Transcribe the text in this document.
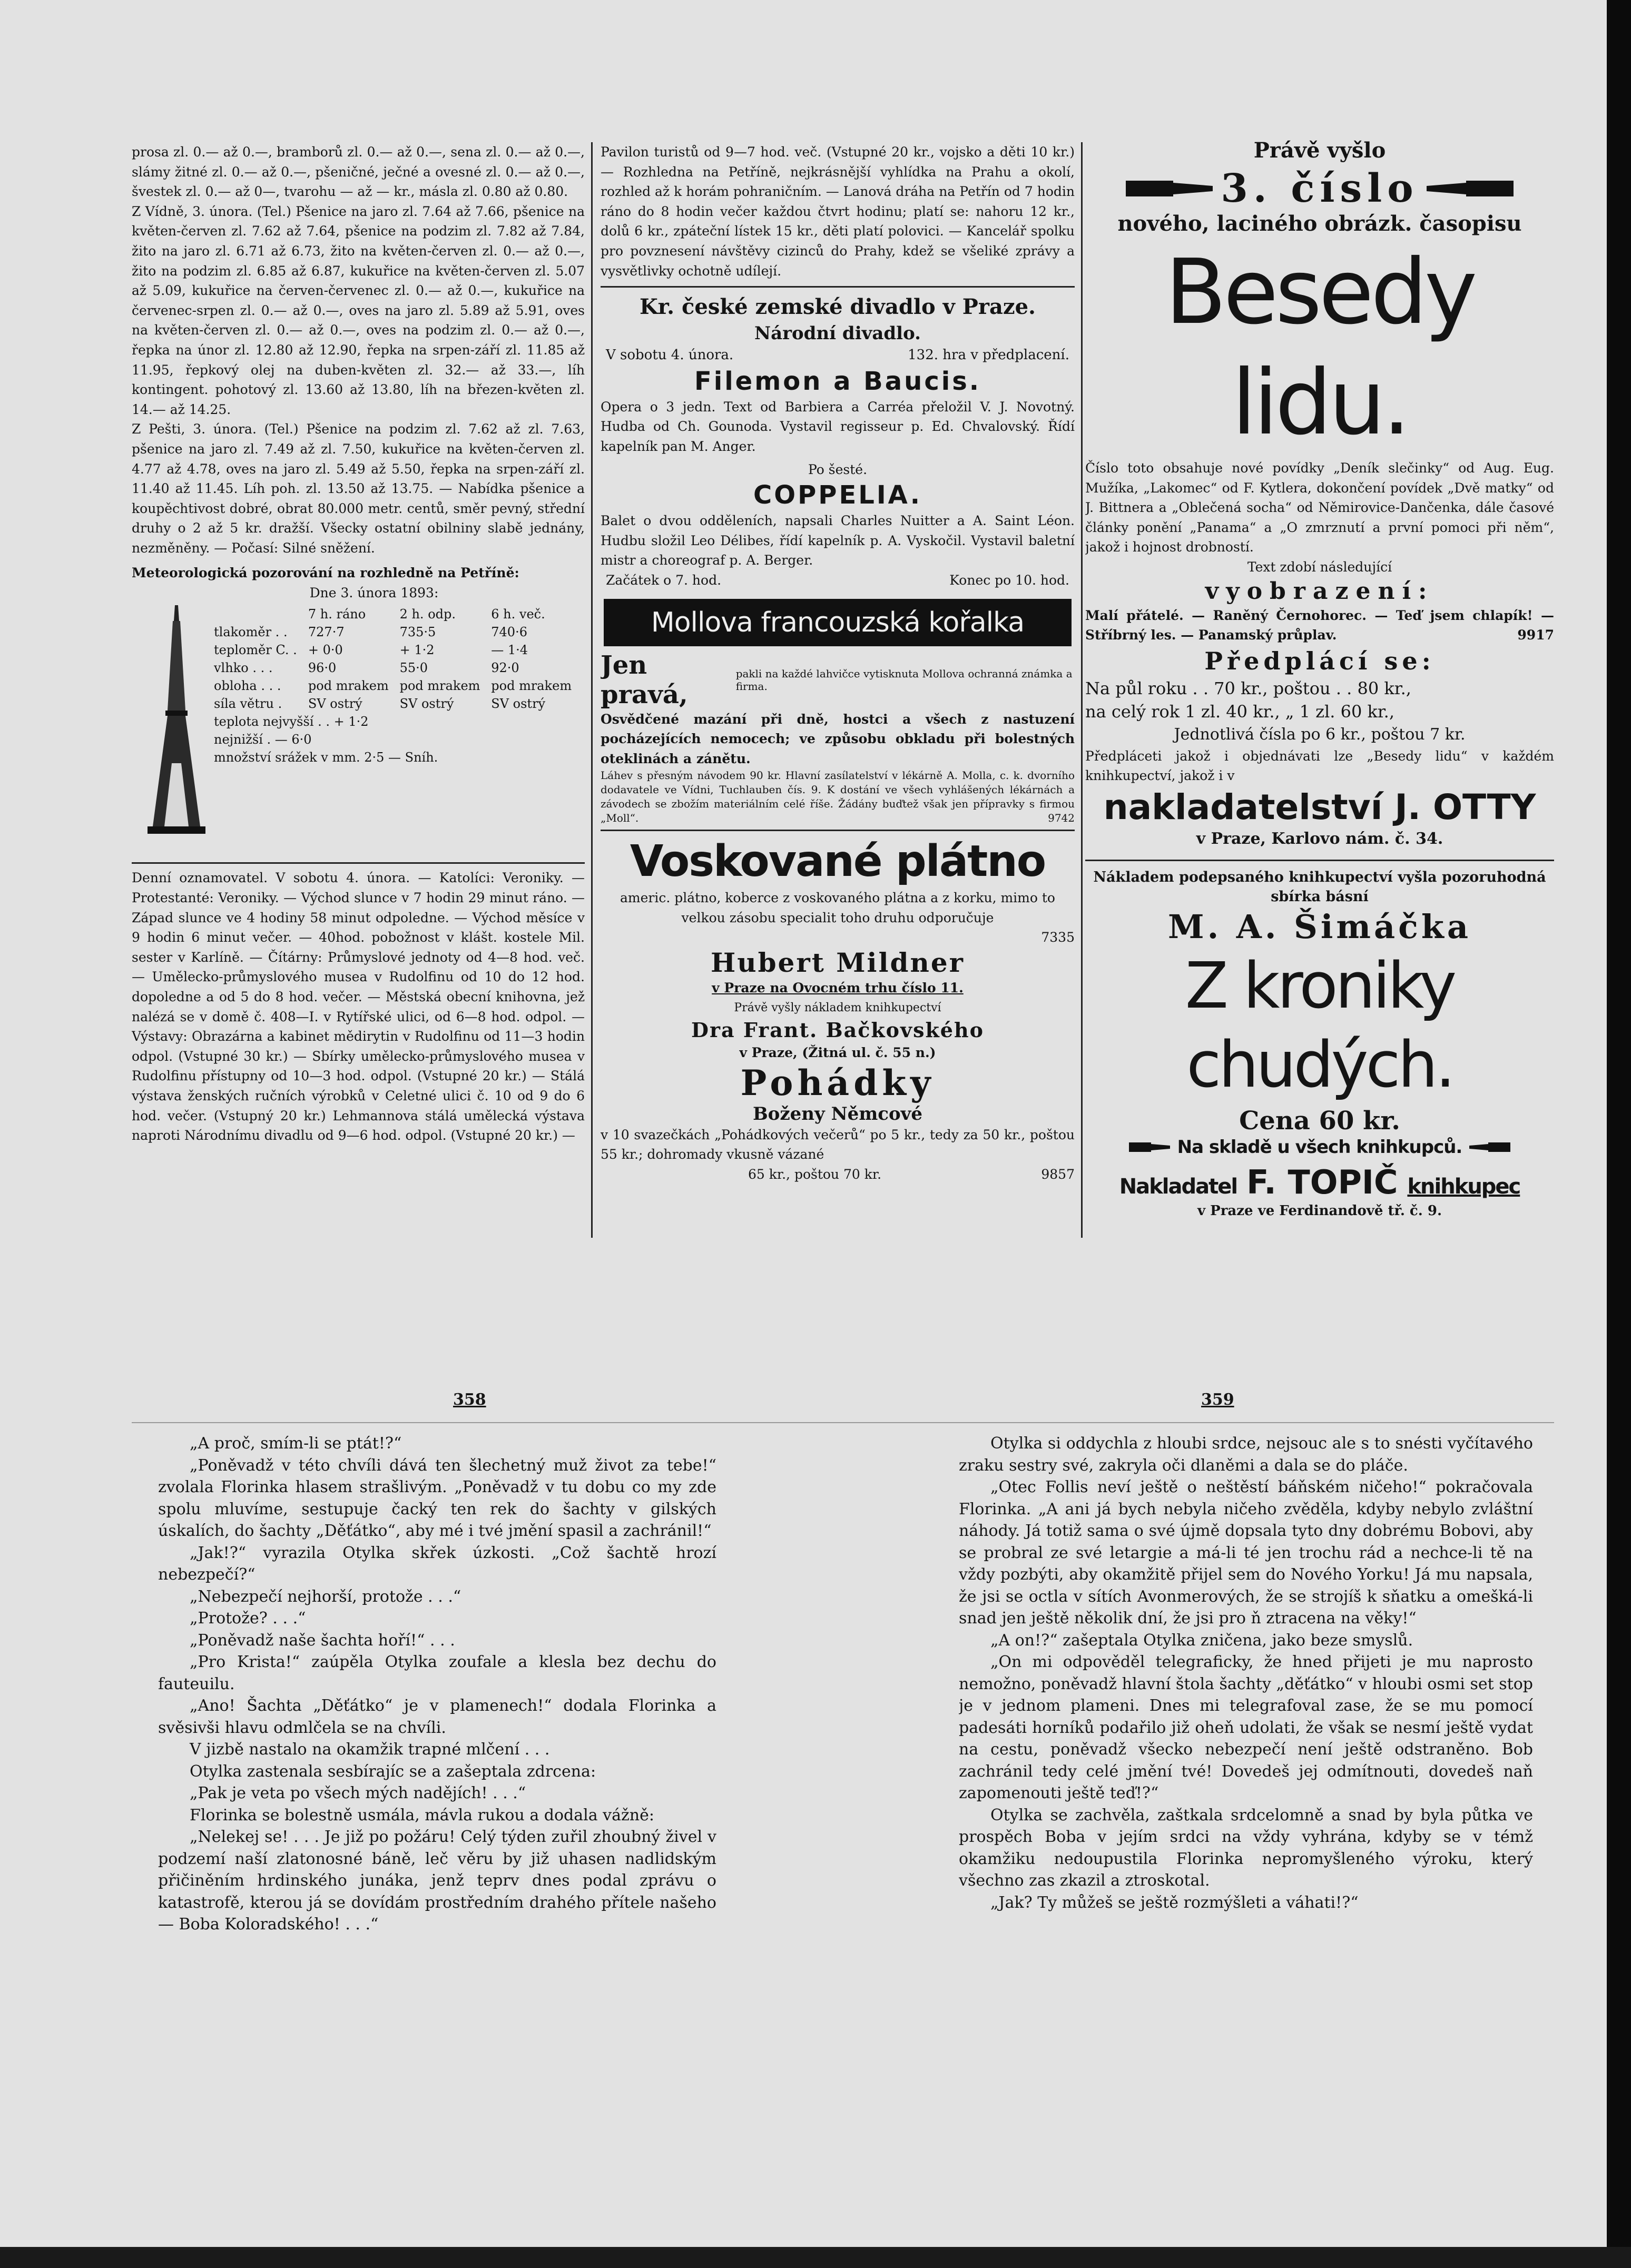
prosa zl. 0.— až 0.—, bramborů zl. 0.— až 0.—, sena zl. 0.— až 0.—, slámy žitné zl. 0.— až 0.—, pšeničné, ječné a ovesné zl. 0.— až 0.—, švestek zl. 0.— až 0—, tvarohu — až — kr., másla zl. 0.80 až 0.80.

Z Vídně, 3. února. (Tel.) Pšenice na jaro zl. 7.64 až 7.66, pšenice na květen-červen zl. 7.62 až 7.64, pšenice na podzim zl. 7.82 až 7.84, žito na jaro zl. 6.71 až 6.73, žito na květen-červen zl. 0.— až 0.—, žito na podzim zl. 6.85 až 6.87, kukuřice na květen-červen zl. 5.07 až 5.09, kukuřice na červen-červenec zl. 0.— až 0.—, kukuřice na červenec-srpen zl. 0.— až 0.—, oves na jaro zl. 5.89 až 5.91, oves na květen-červen zl. 0.— až 0.—, oves na podzim zl. 0.— až 0.—, řepka na únor zl. 12.80 až 12.90, řepka na srpen-září zl. 11.85 až 11.95, řepkový olej na duben-květen zl. 32.— až 33.—, líh kontingent. pohotový zl. 13.60 až 13.80, líh na březen-květen zl. 14.— až 14.25.

Z Pešti, 3. února. (Tel.) Pšenice na podzim zl. 7.62 až zl. 7.63, pšenice na jaro zl. 7.49 až zl. 7.50, kukuřice na květen-červen zl. 4.77 až 4.78, oves na jaro zl. 5.49 až 5.50, řepka na srpen-září zl. 11.40 až 11.45. Líh poh. zl. 13.50 až 13.75. — Nabídka pšenice a koupěchtivost dobré, obrat 80.000 metr. centů, směr pevný, střední druhy o 2 až 5 kr. dražší. Všecky ostatní obilniny slabě jednány, nezměněny. — Počasí: Silné sněžení.

Meteorologická pozorování na rozhledně na Petříně:
Dne 3. února 1893:
	7 h. ráno	2 h. odp.	6 h. več.
tlakoměr . .	727·7	735·5	740·6
teploměr C. .	+ 0·0	+ 1·2	— 1·4
vlhko . . .	96·0	55·0	92·0
obloha . . .	pod mrakem	pod mrakem	pod mrakem
síla větru .	SV ostrý	SV ostrý	SV ostrý
teplota nejvyšší . . + 1·2			
nejnižší . — 6·0			
množství srážek v mm. 2·5 — Sníh.			
Denní oznamovatel. V sobotu 4. února. — Katolíci: Veroniky. — Protestanté: Veroniky. — Východ slunce v 7 hodin 29 minut ráno. — Západ slunce ve 4 hodiny 58 minut odpoledne. — Východ měsíce v 9 hodin 6 minut večer. — 40hod. pobožnost v klášt. kostele Mil. sester v Karlíně. — Čítárny: Průmyslové jednoty od 4—8 hod. več. — Umělecko-průmyslového musea v Rudolfinu od 10 do 12 hod. dopoledne a od 5 do 8 hod. večer. — Městská obecní knihovna, jež nalézá se v domě č. 408—I. v Rytířské ulici, od 6—8 hod. odpol. — Výstavy: Obrazárna a kabinet mědirytin v Rudolfinu od 11—3 hodin odpol. (Vstupné 30 kr.) — Sbírky umělecko-průmyslového musea v Rudolfinu přístupny od 10—3 hod. odpol. (Vstupné 20 kr.) — Stálá výstava ženských ručních výrobků v Celetné ulici č. 10 od 9 do 6 hod. večer. (Vstupný 20 kr.) Lehmannova stálá umělecká výstava naproti Národnímu divadlu od 9—6 hod. odpol. (Vstupné 20 kr.) —
Pavilon turistů od 9—7 hod. več. (Vstupné 20 kr., vojsko a děti 10 kr.) — Rozhledna na Petříně, nejkrásnější vyhlídka na Prahu a okolí, rozhled až k horám pohraničním. — Lanová dráha na Petřín od 7 hodin ráno do 8 hodin večer každou čtvrt hodinu; platí se: nahoru 12 kr., dolů 6 kr., zpáteční lístek 15 kr., děti platí polovici. — Kancelář spolku pro povznesení návštěvy cizinců do Prahy, kdež se všeliké zprávy a vysvětlivky ochotně udílejí.
Kr. české zemské divadlo v Praze.
Národní divadlo.
V sobotu 4. února.	132. hra v předplacení.
Filemon a Baucis.
Opera o 3 jedn. Text od Barbiera a Carréa přeložil V. J. Novotný. Hudba od Ch. Gounoda. Vystavil regisseur p. Ed. Chvalovský. Řídí kapelník pan M. Anger.
Po šesté.
COPPELIA.
Balet o dvou odděleních, napsali Charles Nuitter a A. Saint Léon. Hudbu složil Leo Délibes, řídí kapelník p. A. Vyskočil. Vystavil baletní mistr a choreograf p. A. Berger.
Začátek o 7. hod.	Konec po 10. hod.
Mollova francouzská kořalka
Jen pravá,
pakli na každé lahvičce vytisknuta Mollova ochranná známka a firma.
Osvědčené mazání při dně, hostci a všech z nastuzení pocházejících nemocech; ve způsobu obkladu při bolestných oteklinách a zánětu.
Láhev s přesným návodem 90 kr. Hlavní zasílatelství v lékárně A. Molla, c. k. dvorního dodavatele ve Vídni, Tuchlauben čís. 9. K dostání ve všech vyhlášených lékárnách a závodech se zbožím materiálním celé říše. Žádány buďtež však jen přípravky s firmou „Moll“.	9742
Voskované plátno
americ. plátno, koberce z voskovaného plátna a z korku, mimo to velkou zásobu specialit toho druhu odporučuje
7335
Hubert Mildner
v Praze na Ovocném trhu číslo 11.
Právě vyšly nákladem knihkupectví
Dra Frant. Bačkovského
v Praze, (Žitná ul. č. 55 n.)
Pohádky
Boženy Němcové
v 10 svazečkách „Pohádkových večerů“ po 5 kr., tedy za 50 kr., poštou 55 kr.; dohromady vkusně vázané
65 kr., poštou 70 kr.	9857
Právě vyšlo
3. číslo
nového, laciného obrázk. časopisu
Besedy lidu.
Číslo toto obsahuje nové povídky „Deník slečinky“ od Aug. Eug. Mužíka, „Lakomec“ od F. Kytlera, dokončení povídek „Dvě matky“ od J. Bittnera a „Oblečená socha“ od Němirovice-Dančenka, dále časové články ponění „Panama“ a „O zmrznutí a první pomoci při něm“, jakož i hojnost drobností.
Text zdobí následující
vyobrazení:
Malí přátelé. — Raněný Černohorec. — Teď jsem chlapík! — Stříbrný les. — Panamský průplav.	9917
Předplácí se:
Na půl roku . . 70 kr., poštou . . 80 kr.,
na celý rok 1 zl. 40 kr., „ 1 zl. 60 kr.,
Jednotlivá čísla po 6 kr., poštou 7 kr.
Předpláceti jakož i objednávati lze „Besedy lidu“ v každém knihkupectví, jakož i v
nakladatelství J. OTTY
v Praze, Karlovo nám. č. 34.
Nákladem podepsaného knihkupectví vyšla pozoruhodná sbírka básní
M. A. Šimáčka
Z kroniky chudých.
Cena 60 kr.
Na skladě u všech knihkupců.
Nakladatel F. TOPIČ knihkupec
v Praze ve Ferdinandově tř. č. 9.
358	359

„A proč, smím-li se ptát!?“

„Poněvadž v této chvíli dává ten šlechetný muž život za tebe!“ zvolala Florinka hlasem strašlivým. „Poněvadž v tu dobu co my zde spolu mluvíme, sestupuje čacký ten rek do šachty v gilských úskalích, do šachty „Děťátko“, aby mé i tvé jmění spasil a zachránil!“

„Jak!?“ vyrazila Otylka skřek úzkosti. „Což šachtě hrozí nebezpečí?“

„Nebezpečí nejhorší, protože . . .“

„Protože? . . .“

„Poněvadž naše šachta hoří!“ . . .

„Pro Krista!“ zaúpěla Otylka zoufale a klesla bez dechu do fauteuilu.

„Ano! Šachta „Děťátko“ je v plamenech!“ dodala Florinka a svěsivši hlavu odmlčela se na chvíli.

V jizbě nastalo na okamžik trapné mlčení . . .

Otylka zastenala sesbírajíc se a zašeptala zdrcena:

„Pak je veta po všech mých nadějích! . . .“

Florinka se bolestně usmála, mávla rukou a dodala vážně:

„Nelekej se! . . . Je již po požáru! Celý týden zuřil zhoubný živel v podzemí naší zlatonosné báně, leč věru by již uhasen nadlidským přičiněním hrdinského junáka, jenž teprv dnes podal zprávu o katastrofě, kterou já se dovídám prostředním drahého přítele našeho — Boba Koloradského! . . .“

Otylka si oddychla z hloubi srdce, nejsouc ale s to snésti vyčítavého zraku sestry své, zakryla oči dlaněmi a dala se do pláče.

„Otec Follis neví ještě o neštěstí báňském ničeho!“ pokračovala Florinka. „A ani já bych nebyla ničeho zvěděla, kdyby nebylo zvláštní náhody. Já totiž sama o své újmě dopsala tyto dny dobrému Bobovi, aby se probral ze své letargie a má-li té jen trochu rád a nechce-li tě na vždy pozbýti, aby okamžitě přijel sem do Nového Yorku! Já mu napsala, že jsi se octla v sítích Avonmerových, že se strojíš k sňatku a omešká-li snad jen ještě několik dní, že jsi pro ň ztracena na věky!“

„A on!?“ zašeptala Otylka zničena, jako beze smyslů.

„On mi odpověděl telegraficky, že hned přijeti je mu naprosto nemožno, poněvadž hlavní štola šachty „děťátko“ v hloubi osmi set stop je v jednom plameni. Dnes mi telegrafoval zase, že se mu pomocí padesáti horníků podařilo již oheň udolati, že však se nesmí ještě vydat na cestu, poněvadž všecko nebezpečí není ještě odstraněno. Bob zachránil tedy celé jmění tvé! Dovedeš jej odmítnouti, dovedeš naň zapomenouti ještě teď!?“

Otylka se zachvěla, zaštkala srdcelomně a snad by byla půtka ve prospěch Boba v jejím srdci na vždy vyhrána, kdyby se v témž okamžiku nedoupustila Florinka nepromyšleného výroku, který všechno zas zkazil a ztroskotal.

„Jak? Ty můžeš se ještě rozmýšleti a váhati!?“
